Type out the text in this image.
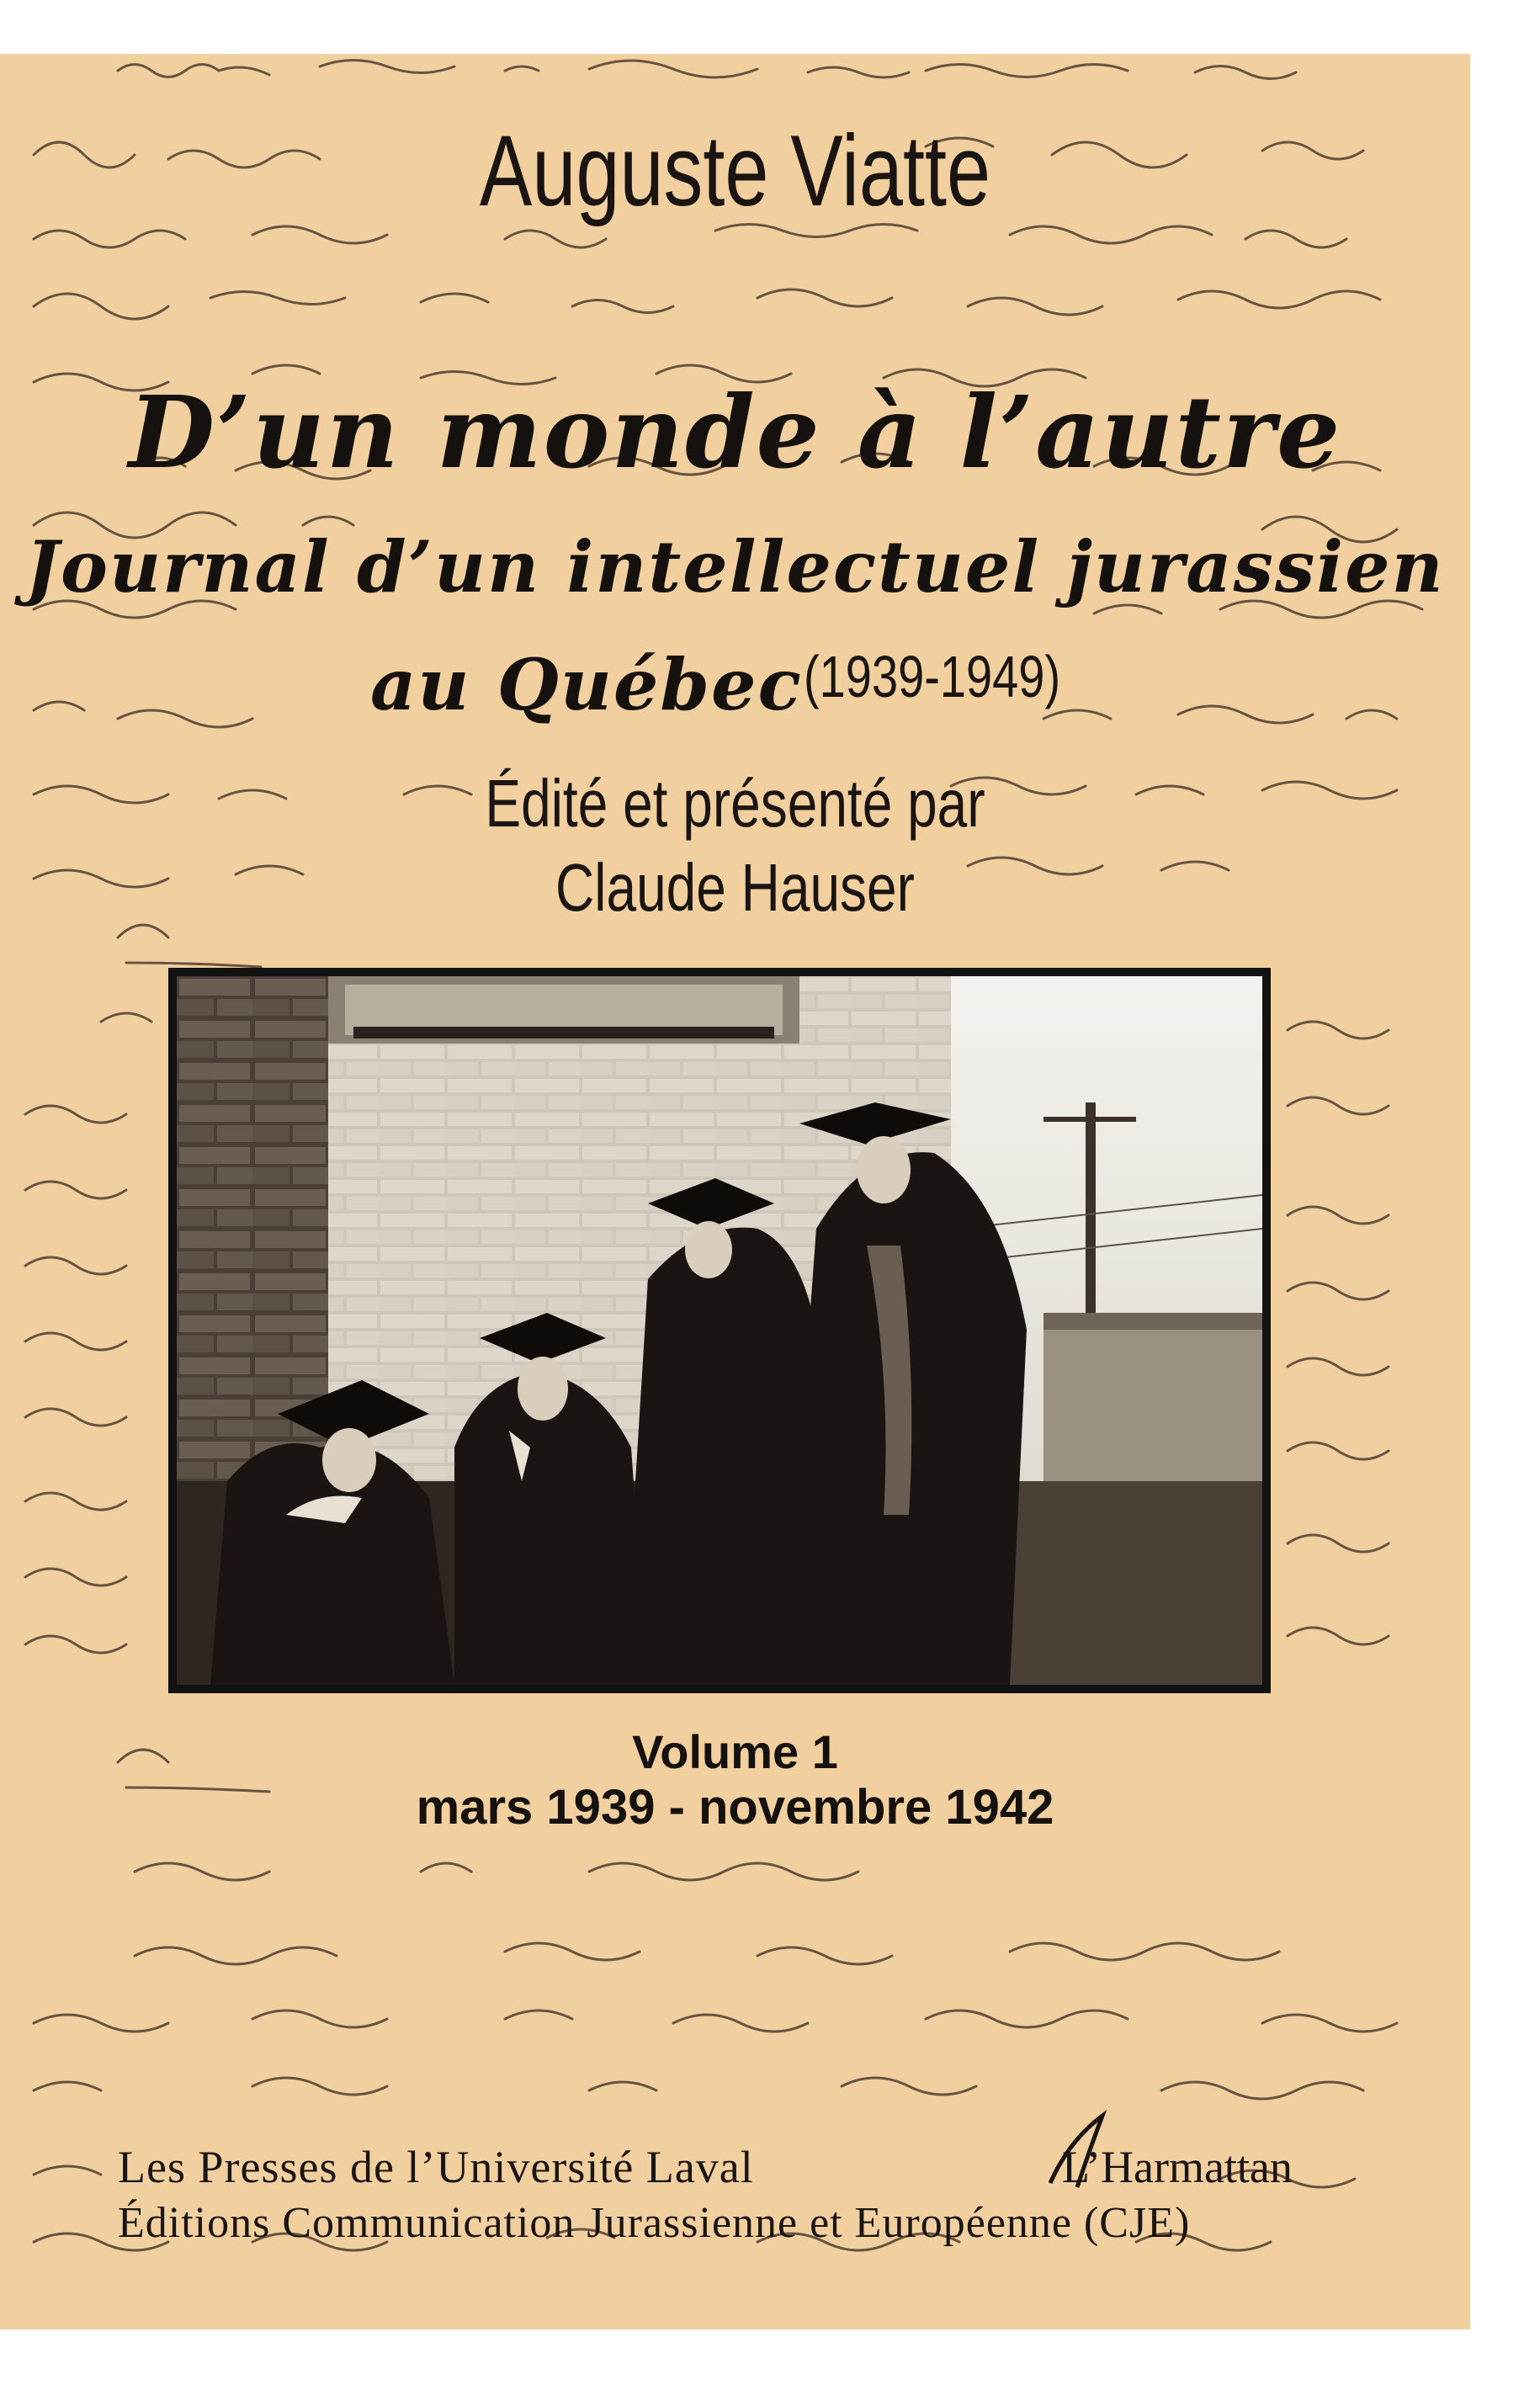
Auguste Viatte
D’un monde à l’autre
Journal d’un intellectuel jurassien
au Québec (1939-1949)
Édité et présenté par
Claude Hauser
Volume 1
mars 1939 - novembre 1942
Les Presses de l’Université Laval
Éditions Communication Jurassienne et Européenne (CJE)
L’Harmattan
